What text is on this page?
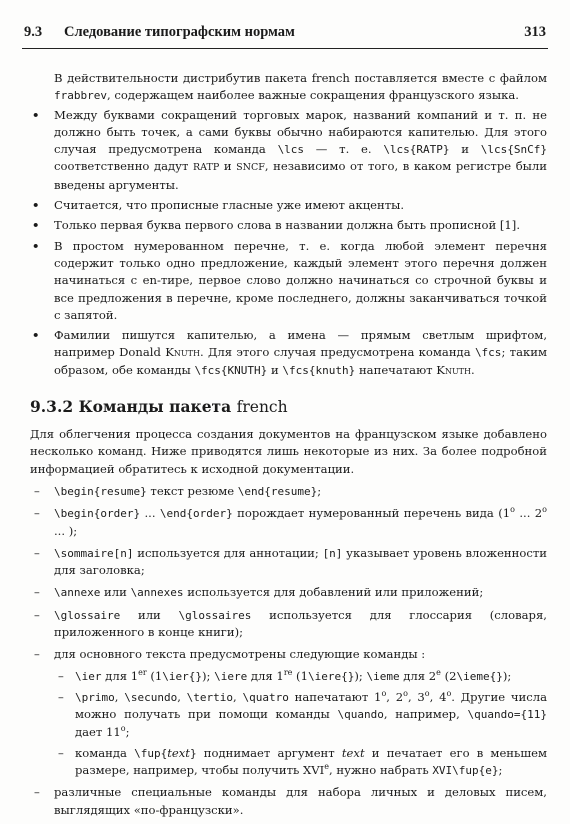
9.3 Следование типографским нормам	313

В действительности дистрибутив пакета french поставляется вместе с файлом frabbrev, содержащем наиболее важные сокращения французского языка.

• Между буквами сокращений торговых марок, названий компаний и т. п. не должно быть точек, а сами буквы обычно набираются капителью. Для этого случая предусмотрена команда \lcs — т. е. \lcs{RATP} и \lcs{SnCf} соответственно дадут RATP и SNCF, независимо от того, в каком регистре были введены аргументы.
• Считается, что прописные гласные уже имеют акценты.
• Только первая буква первого слова в названии должна быть прописной [1].
• В простом нумерованном перечне, т. е. когда любой элемент перечня содержит только одно предложение, каждый элемент этого перечня должен начинаться с en-тире, первое слово должно начинаться со строчной буквы и все предложения в перечне, кроме последнего, должны заканчиваться точкой с запятой.
• Фамилии пишутся капителью, а имена — прямым светлым шрифтом, например Donald Knuth. Для этого случая предусмотрена команда \fcs; таким образом, обе команды \fcs{KNUTH} и \fcs{knuth} напечатают Knuth.
9.3.2 Команды пакета french

Для облегчения процесса создания документов на французском языке добавлено несколько команд. Ниже приводятся лишь некоторые из них. За более подробной информацией обратитесь к исходной документации.

– \begin{resume} текст резюме \end{resume};
– \begin{order} ... \end{order} порождает нумерованный перечень вида (1$^o$ ... 2$^o$ ... );
– \sommaire[n] используется для аннотации; [n] указывает уровень вложенности для заголовка;
– \annexe или \annexes используется для добавлений или приложений;
– \glossaire или \glossaires используется для глоссария (словаря, приложенного в конце книги);
– для основного текста предусмотрены следующие команды :
– \ier для 1er (1\ier{}); \iere для 1re (1\iere{}); \ieme для 2e (2\ieme{});
– \primo, \secundo, \tertio, \quatro напечатают 1$^o$, 2$^o$, 3$^o$, 4$^o$. Другие числа можно получать при помощи команды \quando, например, \quando={11} дает 11$^o$;
– команда \fup{text} поднимает аргумент text и печатает его в меньшем размере, например, чтобы получить XVIe, нужно набрать XVI\fup{e};
– различные специальные команды для набора личных и деловых писем, выглядящих «по-французски».
